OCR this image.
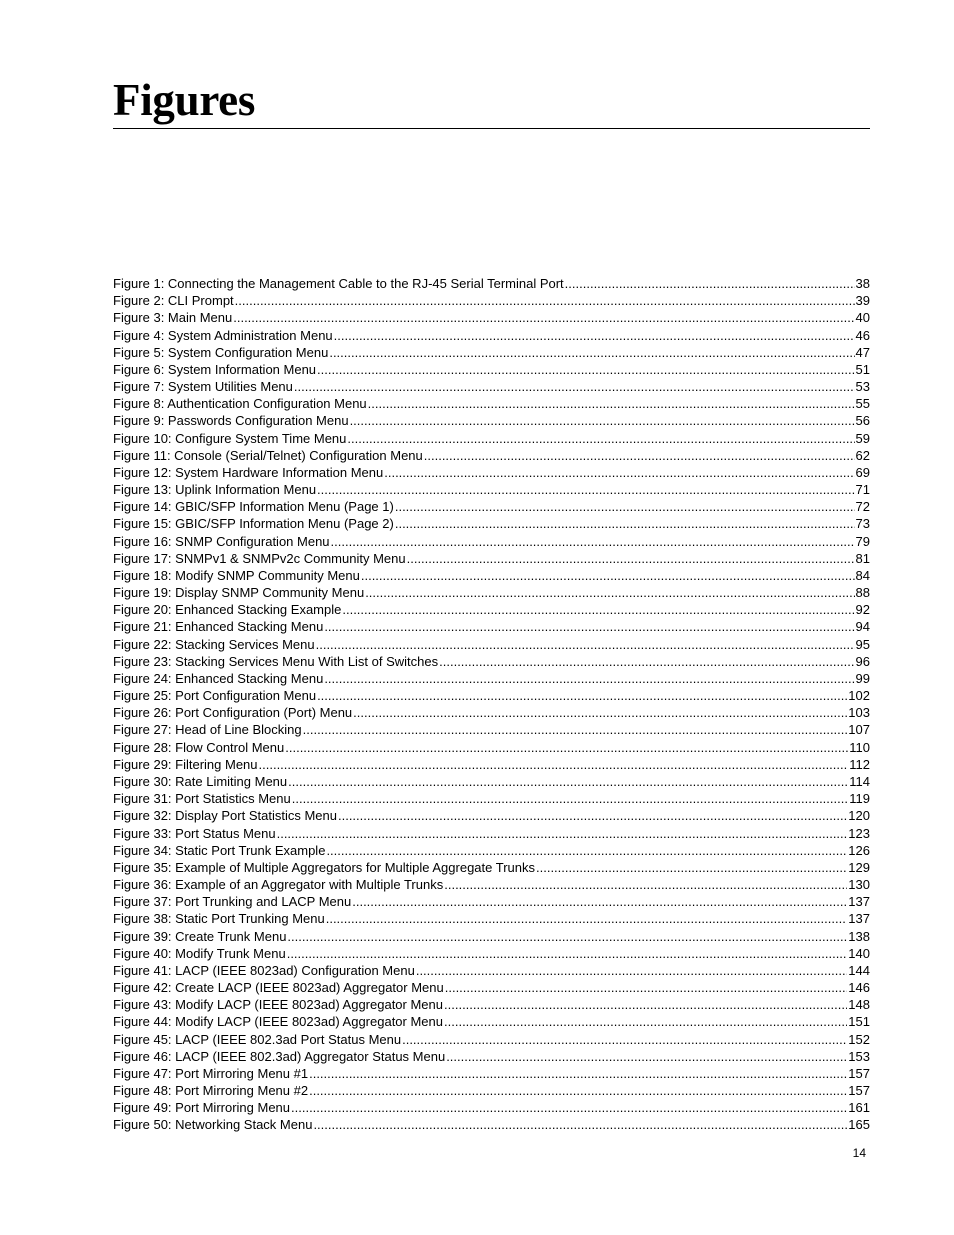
Figures
Figure 1: Connecting the Management Cable to the RJ-45 Serial Terminal Port .....	38
Figure 2: CLI Prompt .....	39
Figure 3: Main Menu .....	40
Figure 4: System Administration Menu .....	46
Figure 5: System Configuration Menu .....	47
Figure 6: System Information Menu .....	51
Figure 7: System Utilities Menu .....	53
Figure 8: Authentication Configuration Menu .....	55
Figure 9: Passwords Configuration Menu .....	56
Figure 10: Configure System Time Menu .....	59
Figure 11: Console (Serial/Telnet) Configuration Menu .....	62
Figure 12: System Hardware Information Menu .....	69
Figure 13: Uplink Information Menu .....	71
Figure 14: GBIC/SFP Information Menu (Page 1) .....	72
Figure 15: GBIC/SFP Information Menu (Page 2) .....	73
Figure 16: SNMP Configuration Menu .....	79
Figure 17: SNMPv1 & SNMPv2c Community Menu .....	81
Figure 18: Modify SNMP Community Menu .....	84
Figure 19: Display SNMP Community Menu .....	88
Figure 20: Enhanced Stacking Example .....	92
Figure 21: Enhanced Stacking Menu .....	94
Figure 22: Stacking Services Menu .....	95
Figure 23: Stacking Services Menu With List of Switches .....	96
Figure 24: Enhanced Stacking Menu .....	99
Figure 25: Port Configuration Menu .....	102
Figure 26: Port Configuration (Port) Menu .....	103
Figure 27: Head of Line Blocking .....	107
Figure 28: Flow Control Menu .....	110
Figure 29: Filtering Menu .....	112
Figure 30: Rate Limiting Menu .....	114
Figure 31: Port Statistics Menu .....	119
Figure 32: Display Port Statistics Menu .....	120
Figure 33: Port Status Menu .....	123
Figure 34: Static Port Trunk Example .....	126
Figure 35: Example of Multiple Aggregators for Multiple Aggregate Trunks .....	129
Figure 36: Example of an Aggregator with Multiple Trunks .....	130
Figure 37: Port Trunking and LACP Menu .....	137
Figure 38: Static Port Trunking Menu .....	137
Figure 39: Create Trunk Menu .....	138
Figure 40: Modify Trunk Menu .....	140
Figure 41: LACP (IEEE 8023ad) Configuration Menu .....	144
Figure 42: Create LACP (IEEE 8023ad) Aggregator Menu .....	146
Figure 43: Modify LACP (IEEE 8023ad) Aggregator Menu .....	148
Figure 44: Modify LACP (IEEE 8023ad) Aggregator Menu .....	151
Figure 45: LACP (IEEE 802.3ad Port Status Menu .....	152
Figure 46: LACP (IEEE 802.3ad) Aggregator Status Menu .....	153
Figure 47: Port Mirroring Menu #1 .....	157
Figure 48: Port Mirroring Menu #2 .....	157
Figure 49: Port Mirroring Menu .....	161
Figure 50: Networking Stack Menu .....	165
14
